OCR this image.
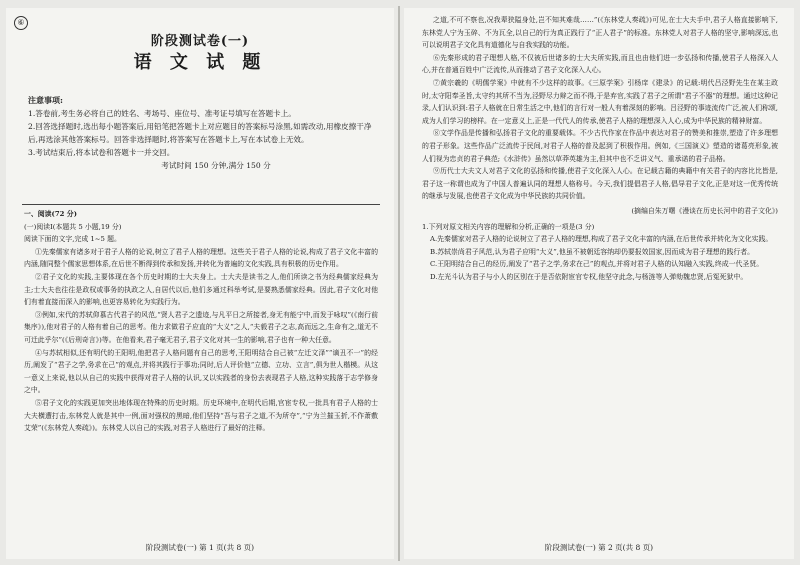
⑥
阶段测试卷(一)
语 文 试 题
注意事项:
1.答卷前,考生务必将自己的姓名、考场号、座位号、准考证号填写在答题卡上。
2.回答选择题时,选出每小题答案后,用铅笔把答题卡上对应题目的答案标号涂黑,如需改动,用橡皮擦干净后,再选涂其他答案标号。回答非选择题时,将答案写在答题卡上,写在本试卷上无效。
3.考试结束后,将本试卷和答题卡一并交回。
考试时间 150 分钟,满分 150 分

一、阅读(72 分)

(一)阅读Ⅰ(本题共 5 小题,19 分)

阅读下面的文字,完成 1~5 题。

①先秦儒家有诸多对于君子人格的论说,树立了君子人格的理想。这些关于君子人格的论说,构成了君子文化丰富的内涵,随同整个儒家思想体系,在后世不断得到传承和发扬,并转化为普遍的文化实践,具有积极的历史作用。

②君子文化的实践,主要体现在各个历史时期的士大夫身上。士大夫是读书之人,他们所读之书为经典儒家经典为主;士大夫也往往是政权或事务的执政之人,自居代以后,他们多通过科举考试,是要熟悉儒家经典。因此,君子文化对他们有着直接而深入的影响,也更容易转化为实践行为。

③例如,宋代的苏轼仰慕古代君子的风范,“贤人君子之遗迹,与凡平日之所接者,身无有能宁中,而发于咏叹”(《南行前集序》),他对君子的人格有着自己的思考。他力求做君子应直的“大义”之人,“夫毅君子之志,高而远之,生命有之,道无不可迁此乎尔”(《后刑奇言》)等。在他看来,君子毫无君子,君子文化对其一生的影响,君子也有一种大任意。

④与苏轼相似,还有明代的王阳明,他把君子人格问题有自己的思考,王阳明结合自己被“左迁文泽”“谪丑不一”的经历,阐发了“君子之学,务求在己”的观点,并将其践行于事功;同时,后人评价他“立德、立功、立言”,俱为世人楷模。从这一意义上来说,他以从自己的实践中获得对君子人格的认识,又以实践者的身份去表现君子人格,这种实践落于志学修身之中。

⑤君子文化的实践更加突出地体现在特殊的历史时期。历史环境中,在明代后期,官宦专权,一批具有君子人格的士大夫横遭打击,东林党人就是其中一例,面对强权的黑暗,他们坚持“吾与君子之道,不为所夺”,“宁为兰摧玉折,不作萧敷艾荣”(《东林党人奏疏》)。东林党人以自己的实践,对君子人格进行了最好的注释。

阶段测试卷(一) 第 1 页(共 8 页)

之道,不可不察也,况我辈狭隘身处,岂不知其难哉……”(《东林党人奏疏》)可见,在士大夫手中,君子人格直接影响下,东林党人宁为玉碎、不为瓦全,以自己的行为真正践行了“正人君子”的标准。东林党人对君子人格的坚守,影响深远,也可以说明君子文化具有道德化与自我实践的功能。

⑥先秦形成的君子理想人格,不仅被后世诸多的士大夫所实践,而且也由他们进一步弘扬和传播,使君子人格深入人心,并在普通百姓中广泛流传,从而推动了君子文化深入人心。

⑦黄宗羲的《明儒学案》中就有不少这样的故事。《三原学案》引杨庠《建录》的记载:明代吕泾野先生在某主政时,太守阳奉圣旨,太守约其所不当为,泾野尽力辩之而不得,于是弃官,实践了君子之所谓“君子不器”的理想。通过这种记录,人们认识到:君子人格就在日常生活之中,他们的言行对一般人有着深刻的影响。吕泾野的事迹流传广泛,被人们称颂,成为人们学习的榜样。在一定意义上,正是一代代人的传承,使君子人格的理想深入人心,成为中华民族的精神财富。

⑧文学作品是传播和弘扬君子文化的重要载体。不少古代作家在作品中表达对君子的赞美和推崇,塑造了许多理想的君子形象。这些作品广泛流传于民间,对君子人格的普及起到了积极作用。例如,《三国演义》塑造的诸葛亮形象,被人们视为忠贞的君子典范;《水浒传》虽然以草莽英雄为主,但其中也不乏讲义气、重承诺的君子品格。

⑨历代士大夫文人对君子文化的弘扬和传播,使君子文化深入人心。在记载古籍的典籍中有关君子的内容比比皆是,君子这一称谓也成为了中国人普遍认同的理想人格称号。今天,我们提倡君子人格,倡导君子文化,正是对这一优秀传统的继承与发展,也使君子文化成为中华民族的共同价值。

(摘编自朱万曙《漫谈在历史长河中的君子文化》)

1.下列对原文相关内容的理解和分析,正确的一项是(3 分)

A.先秦儒家对君子人格的论说树立了君子人格的理想,构成了君子文化丰富的内涵,在后世传承并转化为文化实践。

B.苏轼崇尚君子风范,认为君子应明“大义”,他虽不被朝廷容纳却仍要报效国家,因而成为君子理想的践行者。

C.王阳明结合自己的经历,阐发了“君子之学,务求在己”的观点,并将对君子人格的认知融入实践,终成一代圣贤。

D.左光斗认为君子与小人的区别在于是否依附宦官专权,他坚守此念,与杨涟等人弹劾魏忠贤,后冤死狱中。

阶段测试卷(一) 第 2 页(共 8 页)
